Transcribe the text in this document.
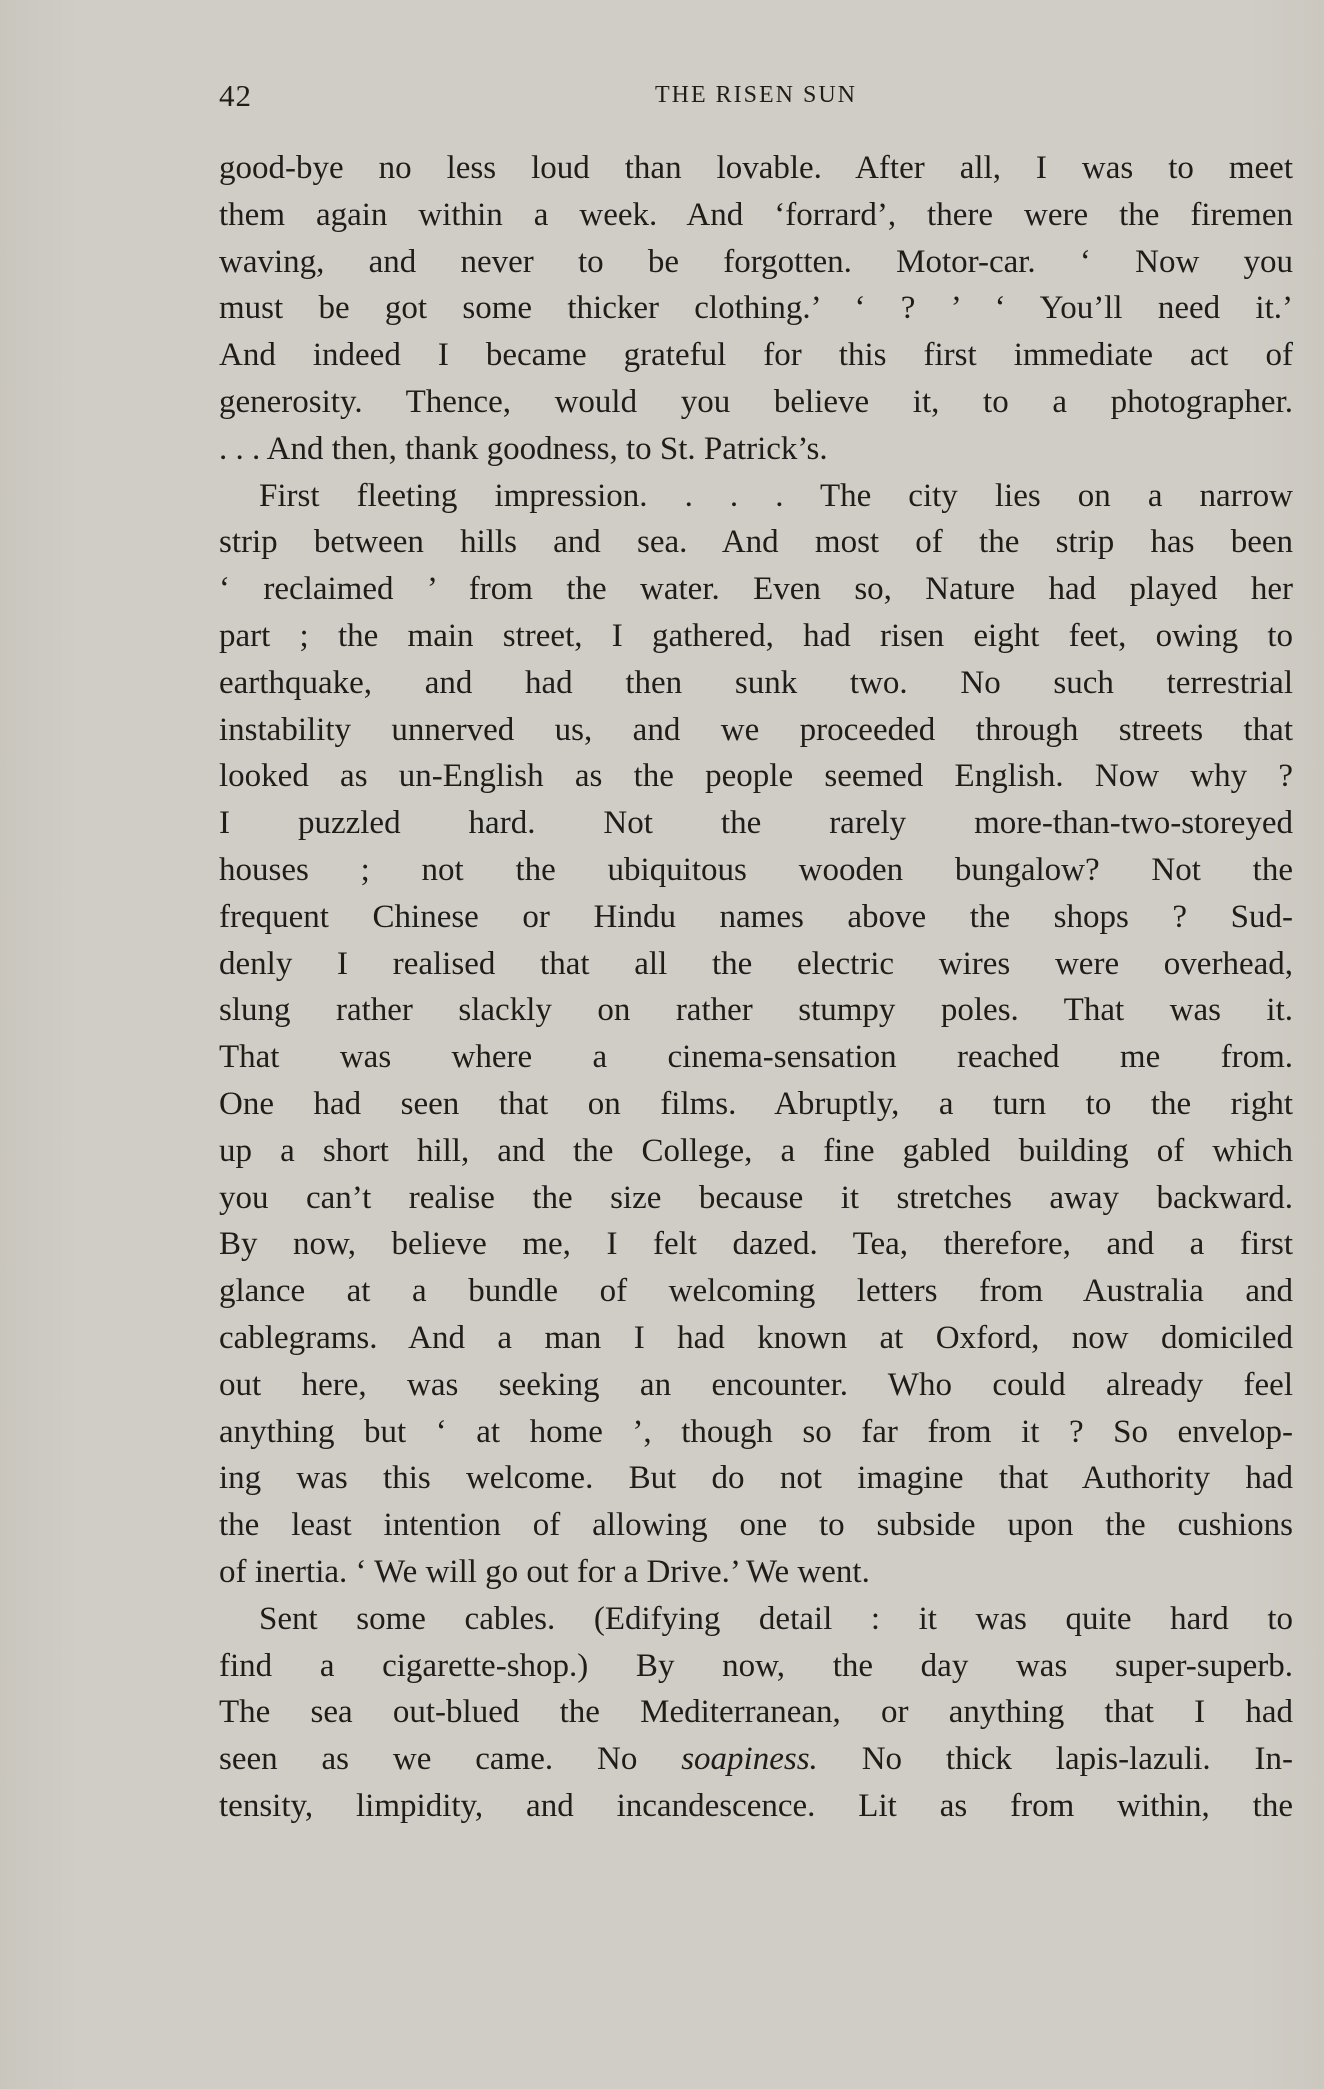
42	THE RISEN SUN
good-bye no less loud than lovable. After all, I was to meet
them again within a week. And ‘forrard’, there were the firemen
waving, and never to be forgotten. Motor-car. ‘ Now you
must be got some thicker clothing.’ ‘ ? ’ ‘ You’ll need it.’
And indeed I became grateful for this first immediate act of
generosity. Thence, would you believe it, to a photographer.
. . . And then, thank goodness, to St. Patrick’s.
First fleeting impression. . . . The city lies on a narrow
strip between hills and sea. And most of the strip has been
‘ reclaimed ’ from the water. Even so, Nature had played her
part ; the main street, I gathered, had risen eight feet, owing to
earthquake, and had then sunk two. No such terrestrial
instability unnerved us, and we proceeded through streets that
looked as un-English as the people seemed English. Now why ?
I puzzled hard. Not the rarely more-than-two-storeyed
houses ; not the ubiquitous wooden bungalow? Not the
frequent Chinese or Hindu names above the shops ? Sud-
denly I realised that all the electric wires were overhead,
slung rather slackly on rather stumpy poles. That was it.
That was where a cinema-sensation reached me from.
One had seen that on films. Abruptly, a turn to the right
up a short hill, and the College, a fine gabled building of which
you can’t realise the size because it stretches away backward.
By now, believe me, I felt dazed. Tea, therefore, and a first
glance at a bundle of welcoming letters from Australia and
cablegrams. And a man I had known at Oxford, now domiciled
out here, was seeking an encounter. Who could already feel
anything but ‘ at home ’, though so far from it ? So envelop-
ing was this welcome. But do not imagine that Authority had
the least intention of allowing one to subside upon the cushions
of inertia. ‘ We will go out for a Drive.’ We went.
Sent some cables. (Edifying detail : it was quite hard to
find a cigarette-shop.) By now, the day was super-superb.
The sea out-blued the Mediterranean, or anything that I had
seen as we came. No soapiness. No thick lapis-lazuli. In-
tensity, limpidity, and incandescence. Lit as from within, the
